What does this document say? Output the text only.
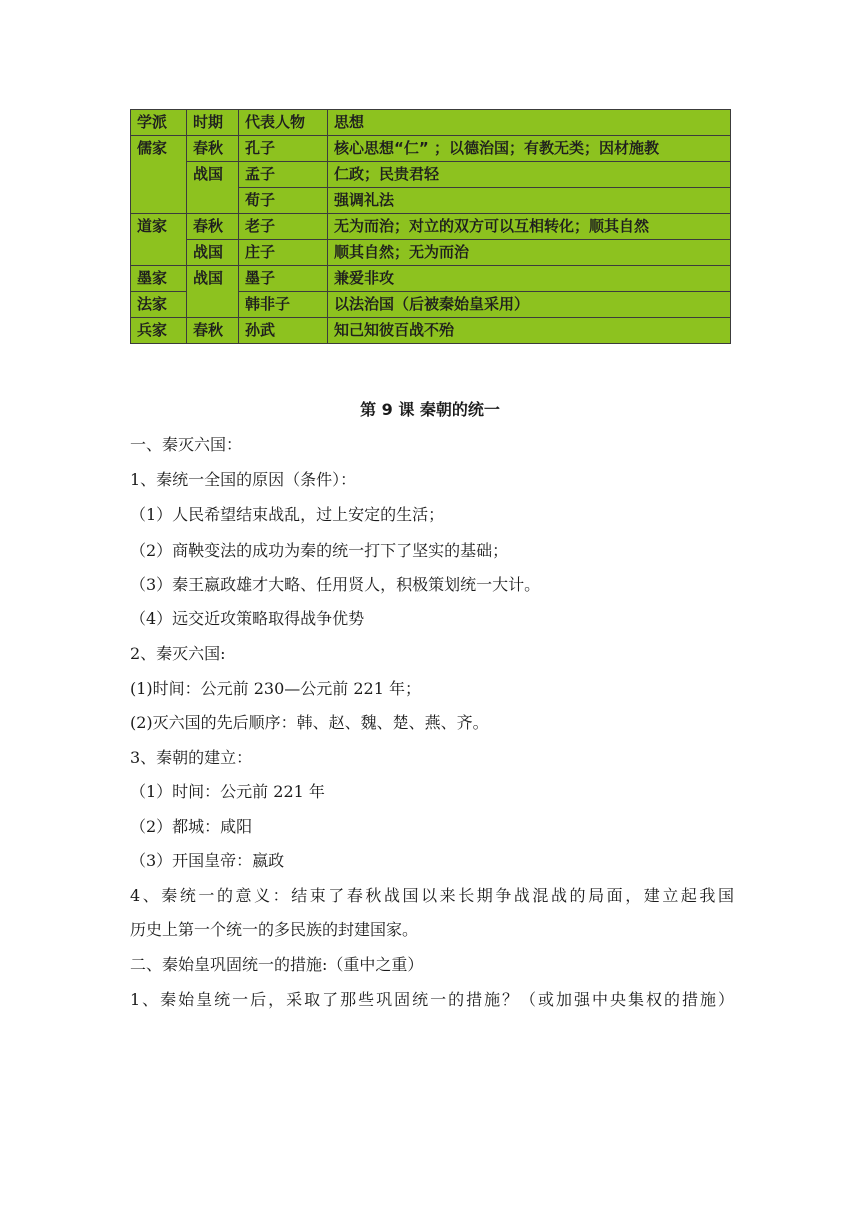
学派	时期	代表人物	思想
儒家	春秋	孔子	核心思想“仁” ；以德治国；有教无类；因材施教
	战国	孟子	仁政；民贵君轻
		荀子	强调礼法
道家	春秋	老子	无为而治；对立的双方可以互相转化；顺其自然
	战国	庄子	顺其自然；无为而治
墨家	战国	墨子	兼爱非攻
法家		韩非子	以法治国（后被秦始皇采用）
兵家	春秋	孙武	知己知彼百战不殆
第 9 课 秦朝的统一
一、秦灭六国：
1、秦统一全国的原因（条件）：
（1）人民希望结束战乱，过上安定的生活；
（2）商鞅变法的成功为秦的统一打下了坚实的基础；
（3）秦王嬴政雄才大略、任用贤人，积极策划统一大计。
（4）远交近攻策略取得战争优势
2、秦灭六国:
(1)时间：公元前 230—公元前 221 年；
(2)灭六国的先后顺序：韩、赵、魏、楚、燕、齐。
3、秦朝的建立：
（1）时间：公元前 221 年
（2）都城：咸阳
（3）开国皇帝：嬴政
4、秦统一的意义：结束了春秋战国以来长期争战混战的局面，建立起我国
历史上第一个统一的多民族的封建国家。
二、秦始皇巩固统一的措施:（重中之重）
1、秦始皇统一后，采取了那些巩固统一的措施？（或加强中央集权的措施）
